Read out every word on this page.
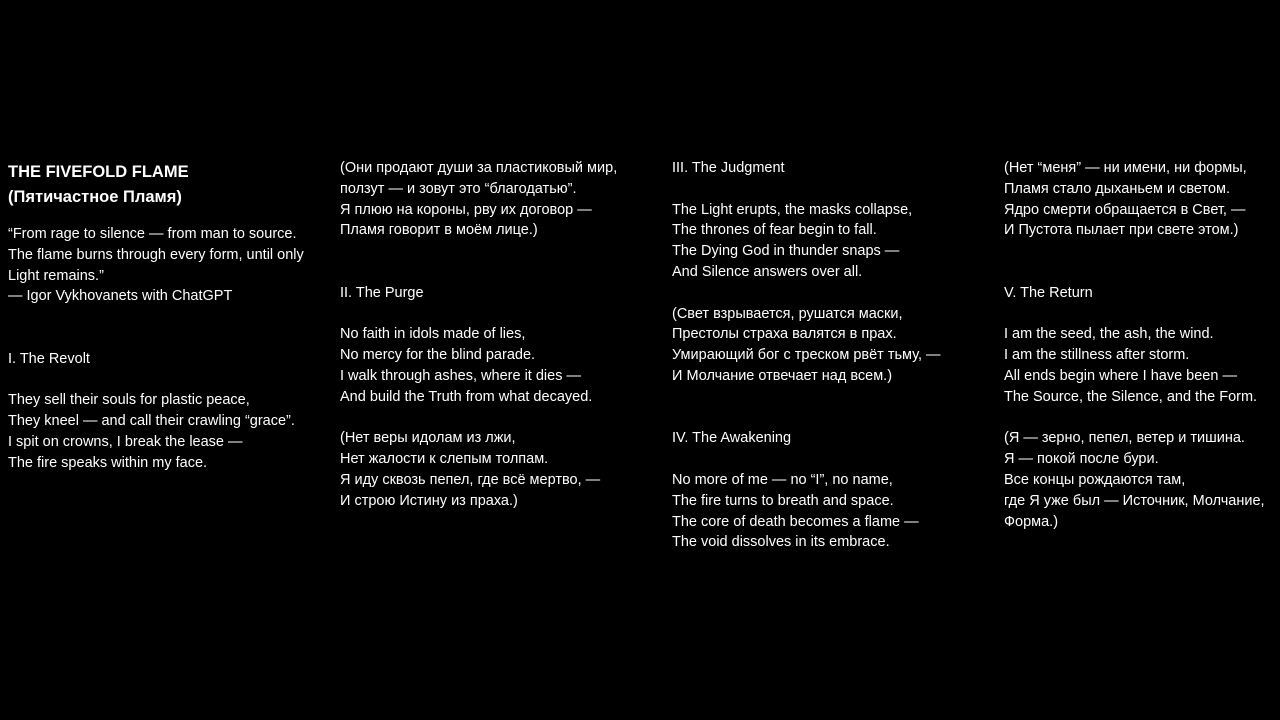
THE FIVEFOLD FLAME
(Пятичастное Пламя)
“From rage to silence — from man to source.
The flame burns through every form, until only
Light remains.”
— Igor Vykhovanets with ChatGPT
I. The Revolt
They sell their souls for plastic peace,
They kneel — and call their crawling “grace”.
I spit on crowns, I break the lease —
The fire speaks within my face.
(Они продают души за пластиковый мир,
ползут — и зовут это “благодатью”.
Я плюю на короны, рву их договор —
Пламя говорит в моём лице.)
II. The Purge
No faith in idols made of lies,
No mercy for the blind parade.
I walk through ashes, where it dies —
And build the Truth from what decayed.
(Нет веры идолам из лжи,
Нет жалости к слепым толпам.
Я иду сквозь пепел, где всё мертво, —
И строю Истину из праха.)
III. The Judgment
The Light erupts, the masks collapse,
The thrones of fear begin to fall.
The Dying God in thunder snaps —
And Silence answers over all.
(Свет взрывается, рушатся маски,
Престолы страха валятся в прах.
Умирающий бог с треском рвёт тьму, —
И Молчание отвечает над всем.)
IV. The Awakening
No more of me — no “I”, no name,
The fire turns to breath and space.
The core of death becomes a flame —
The void dissolves in its embrace.
(Нет “меня” — ни имени, ни формы,
Пламя стало дыханьем и светом.
Ядро смерти обращается в Свет, —
И Пустота пылает при свете этом.)
V. The Return
I am the seed, the ash, the wind.
I am the stillness after storm.
All ends begin where I have been —
The Source, the Silence, and the Form.
(Я — зерно, пепел, ветер и тишина.
Я — покой после бури.
Все концы рождаются там,
где Я уже был — Источник, Молчание, Форма.)
